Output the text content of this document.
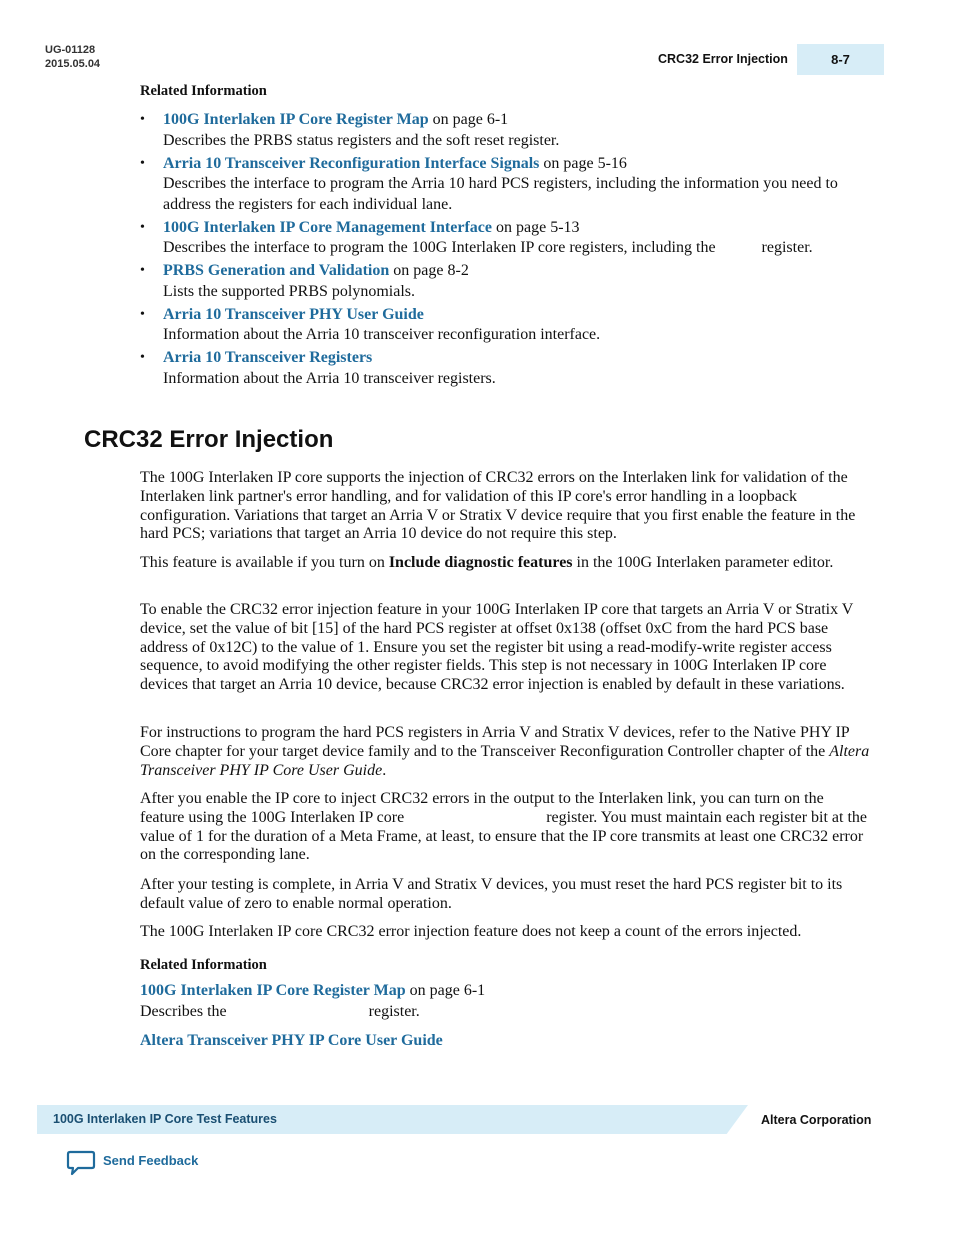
UG-01128
2015.05.04	CRC32 Error Injection	8-7
Related Information
• 100G Interlaken IP Core Register Map on page 6-1
Describes the PRBS status registers and the soft reset register.
• Arria 10 Transceiver Reconfiguration Interface Signals on page 5-16
Describes the interface to program the Arria 10 hard PCS registers, including the information you need to address the registers for each individual lane.
• 100G Interlaken IP Core Management Interface on page 5-13
Describes the interface to program the 100G Interlaken IP core registers, including the	register.
• PRBS Generation and Validation on page 8-2
Lists the supported PRBS polynomials.
• Arria 10 Transceiver PHY User Guide
Information about the Arria 10 transceiver reconfiguration interface.
• Arria 10 Transceiver Registers
Information about the Arria 10 transceiver registers.
CRC32 Error Injection

The 100G Interlaken IP core supports the injection of CRC32 errors on the Interlaken link for validation of the Interlaken link partner's error handling, and for validation of this IP core's error handling in a loopback configuration. Variations that target an Arria V or Stratix V device require that you first enable the feature in the hard PCS; variations that target an Arria 10 device do not require this step.

This feature is available if you turn on Include diagnostic features in the 100G Interlaken parameter editor.

To enable the CRC32 error injection feature in your 100G Interlaken IP core that targets an Arria V or Stratix V device, set the value of bit [15] of the hard PCS register at offset 0x138 (offset 0xC from the hard PCS base address of 0x12C) to the value of 1. Ensure you set the register bit using a read-modify-write register access sequence, to avoid modifying the other register fields. This step is not necessary in 100G Interlaken IP core devices that target an Arria 10 device, because CRC32 error injection is enabled by default in these variations.

For instructions to program the hard PCS registers in Arria V and Stratix V devices, refer to the Native PHY IP Core chapter for your target device family and to the Transceiver Reconfiguration Controller chapter of the Altera Transceiver PHY IP Core User Guide.

After you enable the IP core to inject CRC32 errors in the output to the Interlaken link, you can turn on the feature using the 100G Interlaken IP core	register. You must maintain each register bit at the value of 1 for the duration of a Meta Frame, at least, to ensure that the IP core transmits at least one CRC32 error on the corresponding lane.

After your testing is complete, in Arria V and Stratix V devices, you must reset the hard PCS register bit to its default value of zero to enable normal operation.

The 100G Interlaken IP core CRC32 error injection feature does not keep a count of the errors injected.

Related Information
100G Interlaken IP Core Register Map on page 6-1
Describes the	register.
Altera Transceiver PHY IP Core User Guide
100G Interlaken IP Core Test Features	Altera Corporation
Send Feedback
